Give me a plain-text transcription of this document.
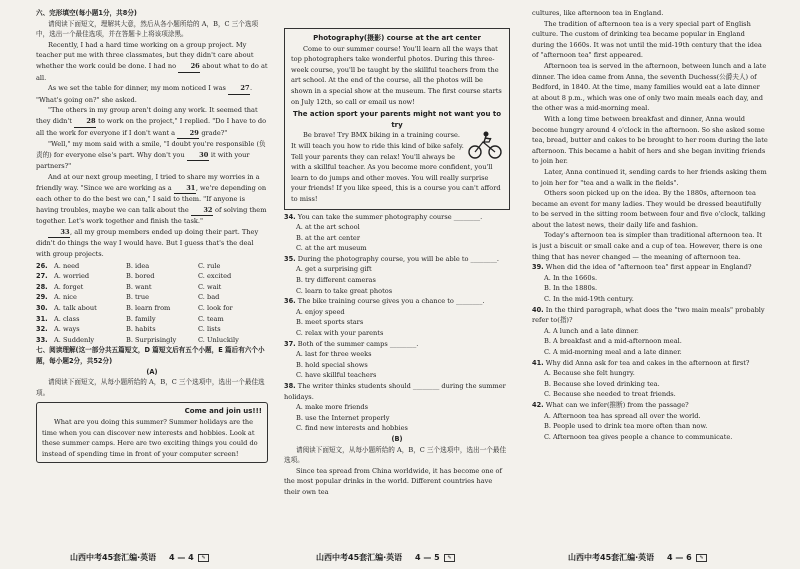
六、完形填空(每小题1分，共8分)

请阅读下面短文，理解其大意，然后从各小题所给的 A，B，C 三个选项中，选出一个最佳选项，并在答题卡上将该项涂黑。

Recently, I had a hard time working on a group project. My teacher put me with three classmates, but they didn't care about whether the work could be done. I had no 26 about what to do at all.

As we set the table for dinner, my mom noticed I was 27. "What's going on?" she asked.

"The others in my group aren't doing any work. It seemed that they didn't 28 to work on the project," I replied. "Do I have to do all the work for everyone if I don't want a 29 grade?"

"Well," my mom said with a smile, "I doubt you're responsible (负责的) for everyone else's part. Why don't you 30 it with your partners?"

And at our next group meeting, I tried to share my worries in a friendly way. "Since we are working as a 31, we're depending on each other to do the best we can," I said to them. "If anyone is having troubles, maybe we can talk about the 32 of solving them together. Let's work together and finish the task."

33, all my group members ended up doing their part. They didn't do things the way I would have. But I guess that's the deal with group projects.

26. A. need	B. idea	C. rule
27. A. worried	B. bored	C. excited
28. A. forget	B. want	C. wait
29. A. nice	B. true	C. bad
30. A. talk about	B. learn from	C. look for
31. A. class	B. family	C. team
32. A. ways	B. habits	C. lists
33. A. Suddenly	B. Surprisingly	C. Unluckily

七、阅读理解(这一部分共五篇短文，D 篇短文后有五个小题，E 篇后有六个小题，每小题2分，共52分)

(A)

请阅读下面短文，从每小题所给的 A，B，C 三个选项中，选出一个最佳选项。

Come and join us!!!

What are you doing this summer? Summer holidays are the time when you can discover new interests and hobbies. Look at these summer camps. Here are two exciting things you could do instead of spending time in front of your computer screen!

山西中考45套汇编·英语 4 — 4 ✎

Photography(摄影) course at the art center

Come to our summer course! You'll learn all the ways that top photographers take wonderful photos. During this three-week course, you'll be taught by the skillful teachers from the art school. At the end of the course, all the photos will be shown in a special show at the museum. The first course starts on July 12th, so call or email us now!

The action sport your parents might not want you to try

Be brave! Try BMX biking in a training course. It will teach you how to ride this kind of bike safely. Tell your parents they can relax! You'll always be with a skillful teacher. As you become more confident, you'll learn to do jumps and other moves. You will really surprise your friends! If you like speed, this is a course you can't afford to miss!

34. You can take the summer photography course ________.

A. at the art school

B. at the art center

C. at the art museum

35. During the photography course, you will be able to ________.

A. get a surprising gift

B. try different cameras

C. learn to take great photos

36. The bike training course gives you a chance to ________.

A. enjoy speed

B. meet sports stars

C. relax with your parents

37. Both of the summer camps ________.

A. last for three weeks

B. hold special shows

C. have skillful teachers

38. The writer thinks students should ________ during the summer holidays.

A. make more friends

B. use the Internet properly

C. find new interests and hobbies

(B)

请阅读下面短文，从每小题所给的 A，B，C 三个选项中，选出一个最佳选项。

Since tea spread from China worldwide, it has become one of the most popular drinks in the world. Different countries have their own tea

山西中考45套汇编·英语 4 — 5 ✎

cultures, like afternoon tea in England.

The tradition of afternoon tea is a very special part of English culture. The custom of drinking tea became popular in England during the 1660s. It was not until the mid-19th century that the idea of "afternoon tea" first appeared.

Afternoon tea is served in the afternoon, between lunch and a late dinner. The idea came from Anna, the seventh Duchess(公爵夫人) of Bedford, in 1840. At the time, many families would eat a late dinner at about 8 p.m., which was one of only two main meals each day, and the other was a mid-morning meal.

With a long time between breakfast and dinner, Anna would become hungry around 4 o'clock in the afternoon. So she asked some tea, bread, butter and cakes to be brought to her room during the late afternoon. This became a habit of hers and she began inviting friends to join her.

Later, Anna continued it, sending cards to her friends asking them to join her for "tea and a walk in the fields".

Others soon picked up on the idea. By the 1880s, afternoon tea became an event for many ladies. They would be dressed beautifully to be served in the sitting room between four and five o'clock, talking about the latest news, their daily life and fashion.

Today's afternoon tea is simpler than traditional afternoon tea. It is just a biscuit or small cake and a cup of tea. However, there is one thing that has never changed — the meaning of afternoon tea.

39. When did the idea of "afternoon tea" first appear in England?

A. In the 1660s.

B. In the 1880s.

C. In the mid-19th century.

40. In the third paragraph, what does the "two main meals" probably refer to(指)?

A. A lunch and a late dinner.

B. A breakfast and a mid-afternoon meal.

C. A mid-morning meal and a late dinner.

41. Why did Anna ask for tea and cakes in the afternoon at first?

A. Because she felt hungry.

B. Because she loved drinking tea.

C. Because she needed to treat friends.

42. What can we infer(推断) from the passage?

A. Afternoon tea has spread all over the world.

B. People used to drink tea more often than now.

C. Afternoon tea gives people a chance to communicate.

山西中考45套汇编·英语 4 — 6 ✎
